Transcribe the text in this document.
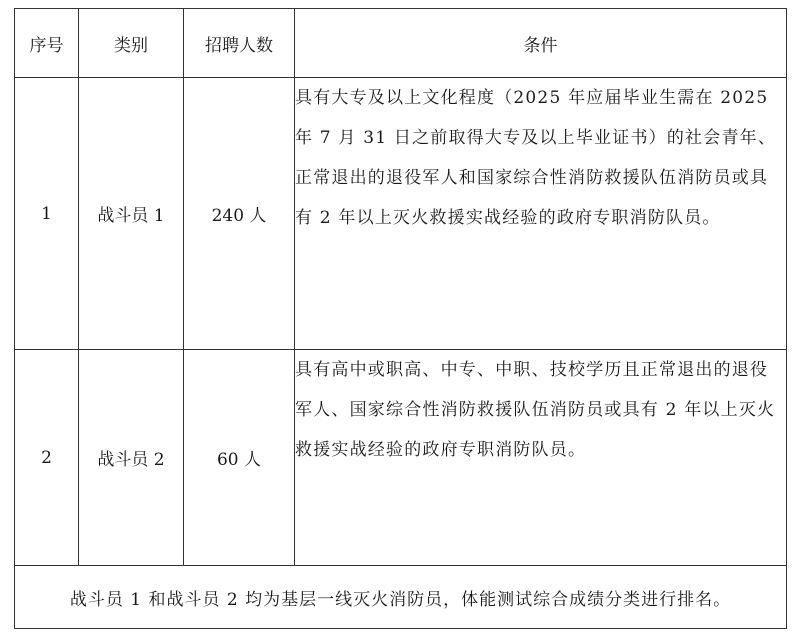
序号	类别	招聘人数	条件
1	战斗员 1	240 人	具有大专及以上文化程度（2025 年应届毕业生需在 2025 年 7 月 31 日之前取得大专及以上毕业证书）的社会青年、正常退出的退役军人和国家综合性消防救援队伍消防员或具有 2 年以上灭火救援实战经验的政府专职消防队员。
2	战斗员 2	60 人	具有高中或职高、中专、中职、技校学历且正常退出的退役军人、国家综合性消防救援队伍消防员或具有 2 年以上灭火救援实战经验的政府专职消防队员。
战斗员 1 和战斗员 2 均为基层一线灭火消防员，体能测试综合成绩分类进行排名。			
